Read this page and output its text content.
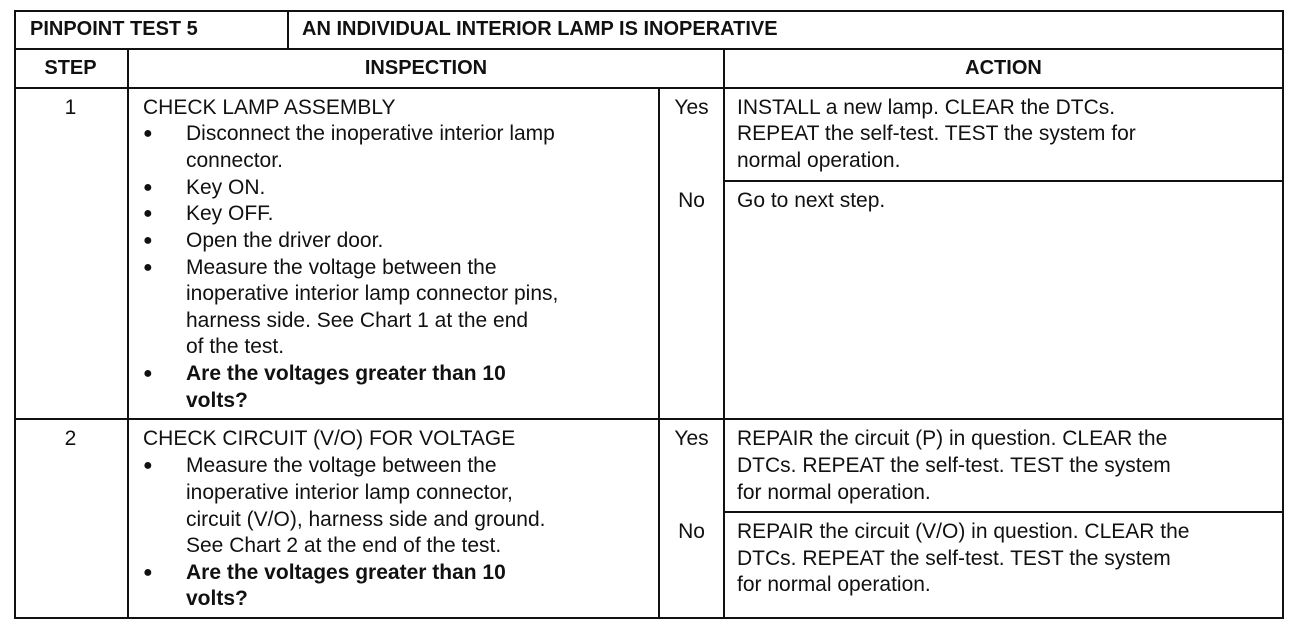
PINPOINT TEST 5	AN INDIVIDUAL INTERIOR LAMP IS INOPERATIVE
STEP	INSPECTION	ACTION
1	CHECK LAMP ASSEMBLY
● Disconnect the inoperative interior lamp
connector.
● Key ON.
● Key OFF.
● Open the driver door.
● Measure the voltage between the
inoperative interior lamp connector pins,
harness side. See Chart 1 at the end
of the test.
● Are the voltages greater than 10
volts?
Yes	INSTALL a new lamp. CLEAR the DTCs.
REPEAT the self-test. TEST the system for
normal operation.
No	Go to next step.
2	CHECK CIRCUIT (V/O) FOR VOLTAGE
● Measure the voltage between the
inoperative interior lamp connector,
circuit (V/O), harness side and ground.
See Chart 2 at the end of the test.
● Are the voltages greater than 10
volts?
Yes	REPAIR the circuit (P) in question. CLEAR the
DTCs. REPEAT the self-test. TEST the system
for normal operation.
No	REPAIR the circuit (V/O) in question. CLEAR the
DTCs. REPEAT the self-test. TEST the system
for normal operation.
